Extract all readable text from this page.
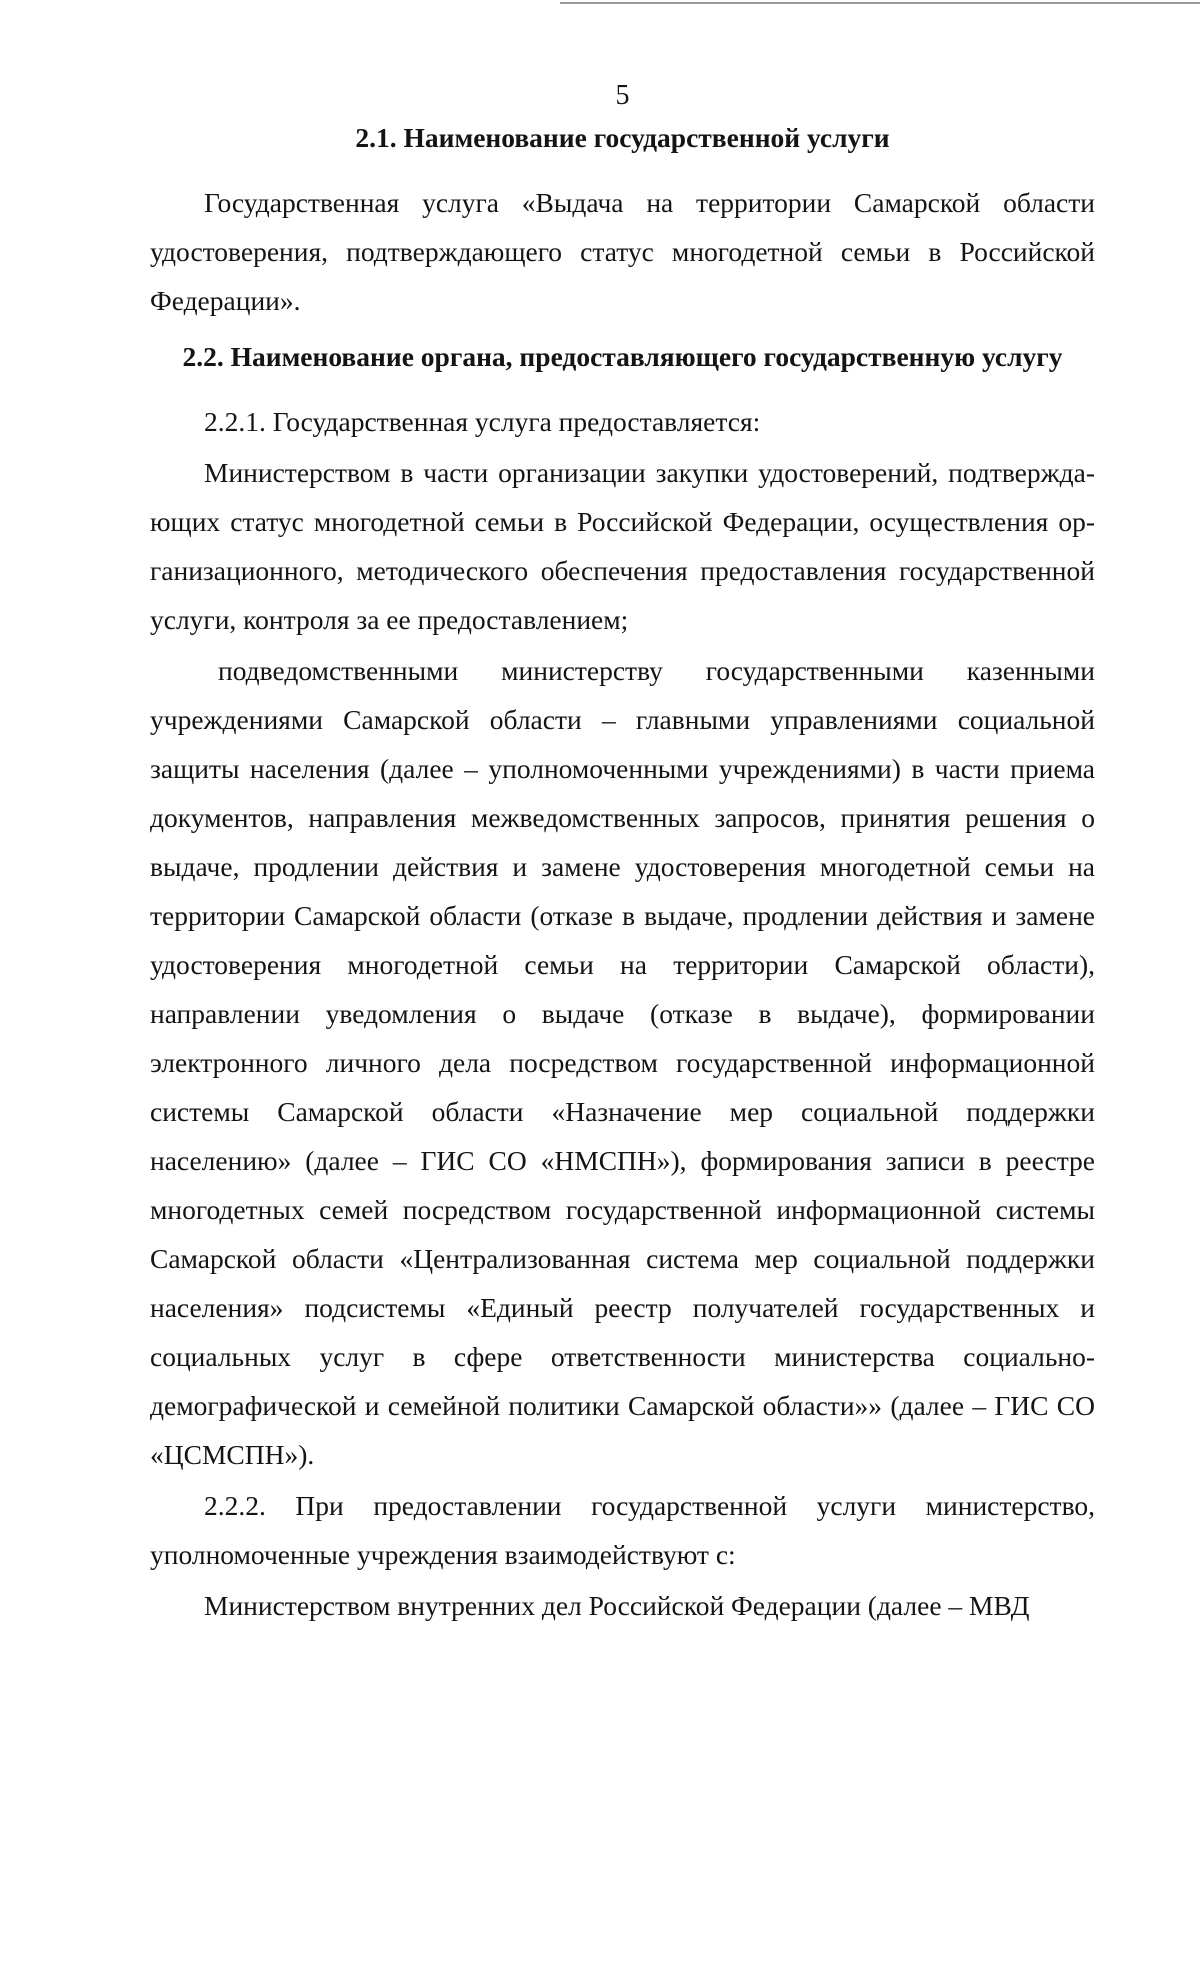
5
2.1. Наименование государственной услуги

Государственная услуга «Выдача на территории Самарской области удостоверения, подтверждающего статус многодетной семьи в Российской Федерации».

2.2. Наименование органа, предоставляющего государственную услугу

2.2.1. Государственная услуга предоставляется:

Министерством в части организации закупки удостоверений, подтверждающих статус многодетной семьи в Российской Федерации, осуществления организационного, методического обеспечения предоставления государственной услуги, контроля за ее предоставлением;

подведомственными министерству государственными казенными учреждениями Самарской области – главными управлениями социальной защиты населения (далее – уполномоченными учреждениями) в части приема документов, направления межведомственных запросов, принятия решения о выдаче, продлении действия и замене удостоверения многодетной семьи на территории Самарской области (отказе в выдаче, продлении действия и замене удостоверения многодетной семьи на территории Самарской области), направлении уведомления о выдаче (отказе в выдаче), формировании электронного личного дела посредством государственной информационной системы Самарской области «Назначение мер социальной поддержки населению» (далее – ГИС СО «НМСПН»), формирования записи в реестре многодетных семей посредством государственной информационной системы Самарской области «Централизованная система мер социальной поддержки населения» подсистемы «Единый реестр получателей государственных и социальных услуг в сфере ответственности министерства социально-демографической и семейной политики Самарской области»» (далее – ГИС СО «ЦСМСПН»).

2.2.2. При предоставлении государственной услуги министерство, уполномоченные учреждения взаимодействуют с:

Министерством внутренних дел Российской Федерации (далее – МВД
